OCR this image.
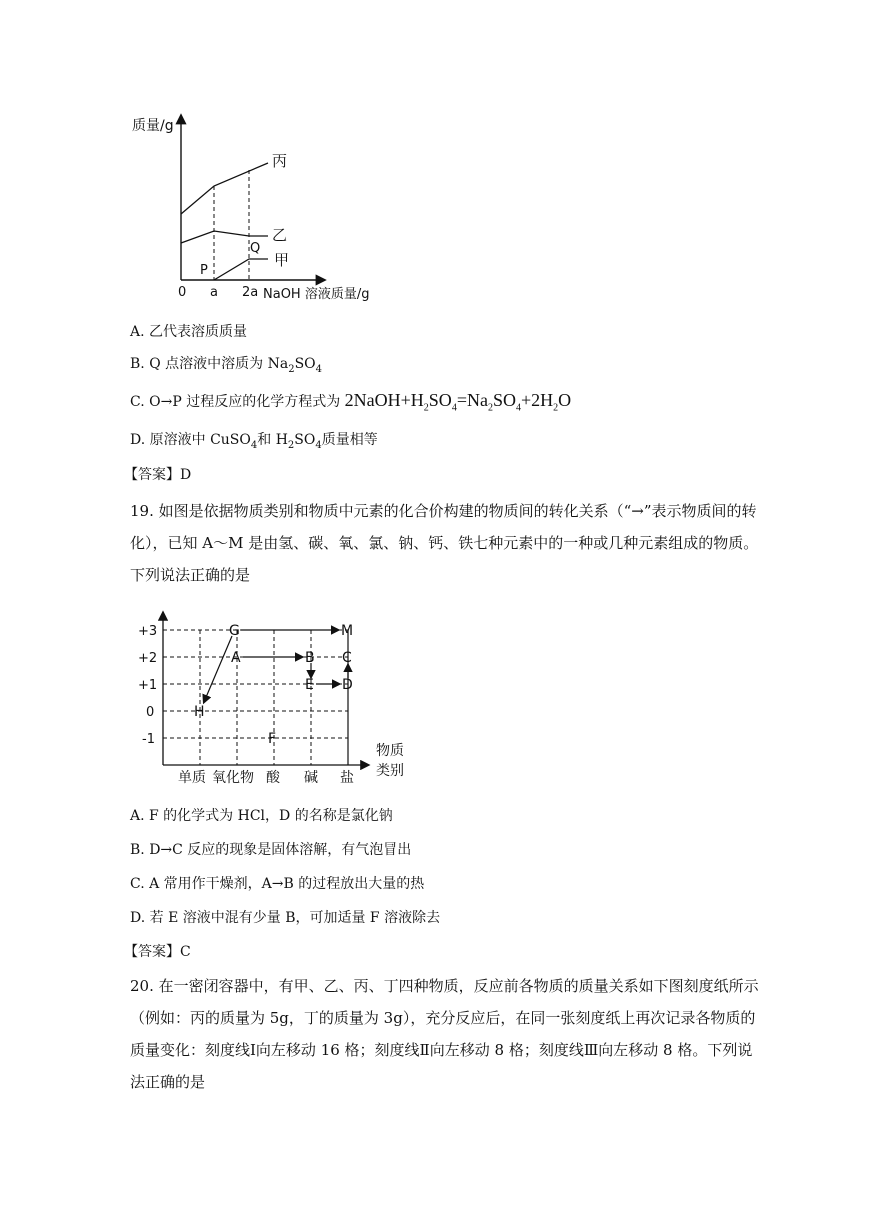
质量/g
NaOH 溶液质量/g
0 a 2a
丙
乙
甲
P
Q
A. 乙代表溶质质量
B. Q 点溶液中溶质为 $Na_2SO_4$
C. O→P 过程反应的化学方程式为 $2NaOH+H_2SO_4=Na_2SO_4+2H_2O$
D. 原溶液中 CuSO$_4$和 $H_2SO_4$质量相等
【答案】D
19. 如图是依据物质类别和物质中元素的化合价构建的物质间的转化关系（“→”表示物质间的转化），已知 A～M 是由氢、碳、氧、氯、钠、钙、铁七种元素中的一种或几种元素组成的物质。下列说法正确的是
+3
+2
+1
0
-1
单质 氧化物 酸 碱 盐
物质
类别
G	M
A	B C
E D
H
F
A. F 的化学式为 HCl，D 的名称是氯化钠
B. D→C 反应的现象是固体溶解，有气泡冒出
C. A 常用作干燥剂，A→B 的过程放出大量的热
D. 若 E 溶液中混有少量 B，可加适量 F 溶液除去
【答案】C
20. 在一密闭容器中，有甲、乙、丙、丁四种物质，反应前各物质的质量关系如下图刻度纸所示（例如：丙的质量为 5g，丁的质量为 3g），充分反应后，在同一张刻度纸上再次记录各物质的质量变化：刻度线Ⅰ向左移动 16 格；刻度线Ⅱ向左移动 8 格；刻度线Ⅲ向左移动 8 格。下列说法正确的是
